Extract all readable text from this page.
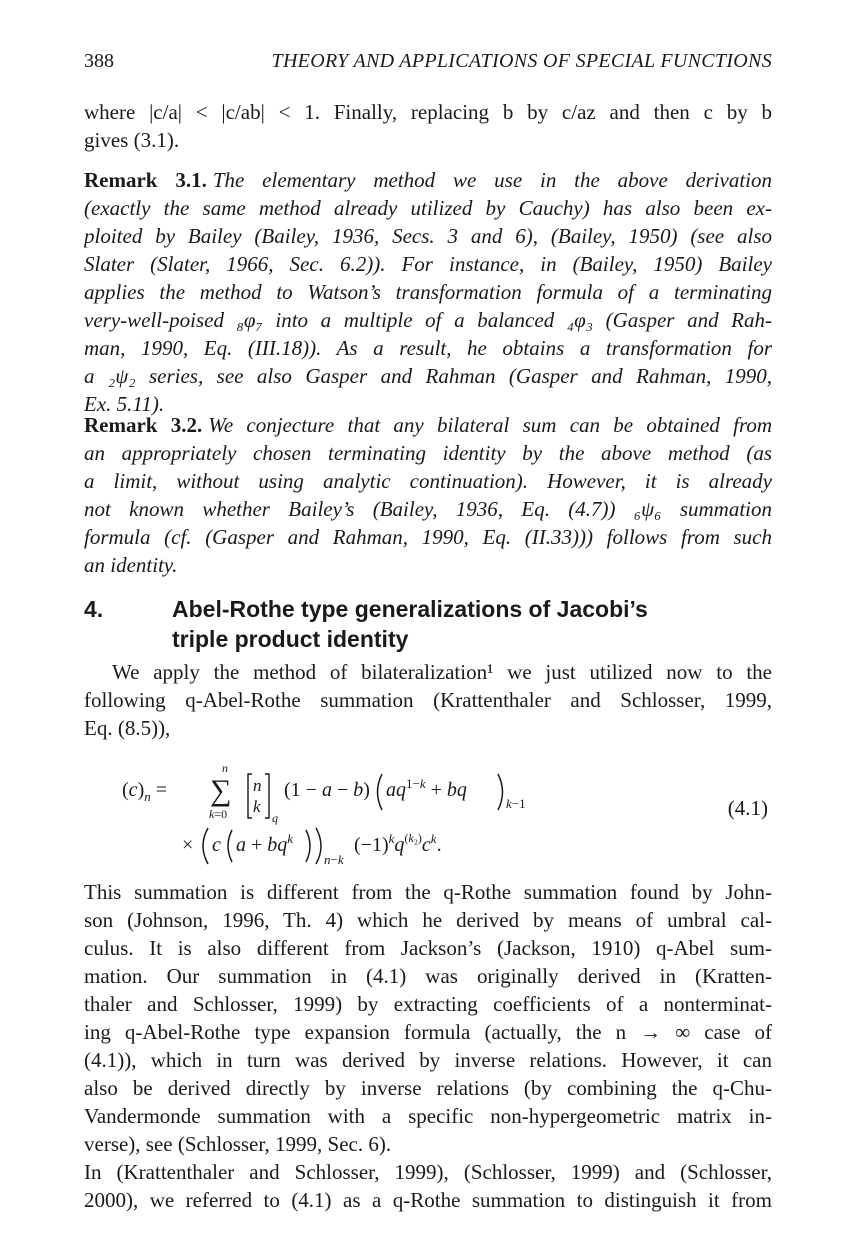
388	THEORY AND APPLICATIONS OF SPECIAL FUNCTIONS
where |c/a| < |c/ab| < 1. Finally, replacing b by c/az and then c by b
gives (3.1).
Remark 3.1. The elementary method we use in the above derivation
(exactly the same method already utilized by Cauchy) has also been ex-
ploited by Bailey (Bailey, 1936, Secs. 3 and 6), (Bailey, 1950) (see also
Slater (Slater, 1966, Sec. 6.2)). For instance, in (Bailey, 1950) Bailey
applies the method to Watson’s transformation formula of a terminating
very-well-poised ₈φ₇ into a multiple of a balanced ₄φ₃ (Gasper and Rah-
man, 1990, Eq. (III.18)). As a result, he obtains a transformation for
a ₂ψ₂ series, see also Gasper and Rahman (Gasper and Rahman, 1990,
Ex. 5.11).
Remark 3.2. We conjecture that any bilateral sum can be obtained from
an appropriately chosen terminating identity by the above method (as
a limit, without using analytic continuation). However, it is already
not known whether Bailey’s (Bailey, 1936, Eq. (4.7)) ₆ψ₆ summation
formula (cf. (Gasper and Rahman, 1990, Eq. (II.33))) follows from such
an identity.
4.	Abel-Rothe type generalizations of Jacobi’s
triple product identity
We apply the method of bilateralization¹ we just utilized now to the
following q-Abel-Rothe summation (Krattenthaler and Schlosser, 1999,
Eq. (8.5)),
$(c)_n$ =
n
∑
k=0
n
k
q
(1 − a − b) $aq^{1-k}$ + bq
k−1
× c $a + bq^k$
n−k
$(-1)^kq^{(k_2)}c^k$.
(4.1)
This summation is different from the q-Rothe summation found by John-
son (Johnson, 1996, Th. 4) which he derived by means of umbral cal-
culus. It is also different from Jackson’s (Jackson, 1910) q-Abel sum-
mation. Our summation in (4.1) was originally derived in (Kratten-
thaler and Schlosser, 1999) by extracting coefficients of a nonterminat-
ing q-Abel-Rothe type expansion formula (actually, the n → ∞ case of
(4.1)), which in turn was derived by inverse relations. However, it can
also be derived directly by inverse relations (by combining the q-Chu-
Vandermonde summation with a specific non-hypergeometric matrix in-
verse), see (Schlosser, 1999, Sec. 6).
In (Krattenthaler and Schlosser, 1999), (Schlosser, 1999) and (Schlosser,
2000), we referred to (4.1) as a q-Rothe summation to distinguish it from
